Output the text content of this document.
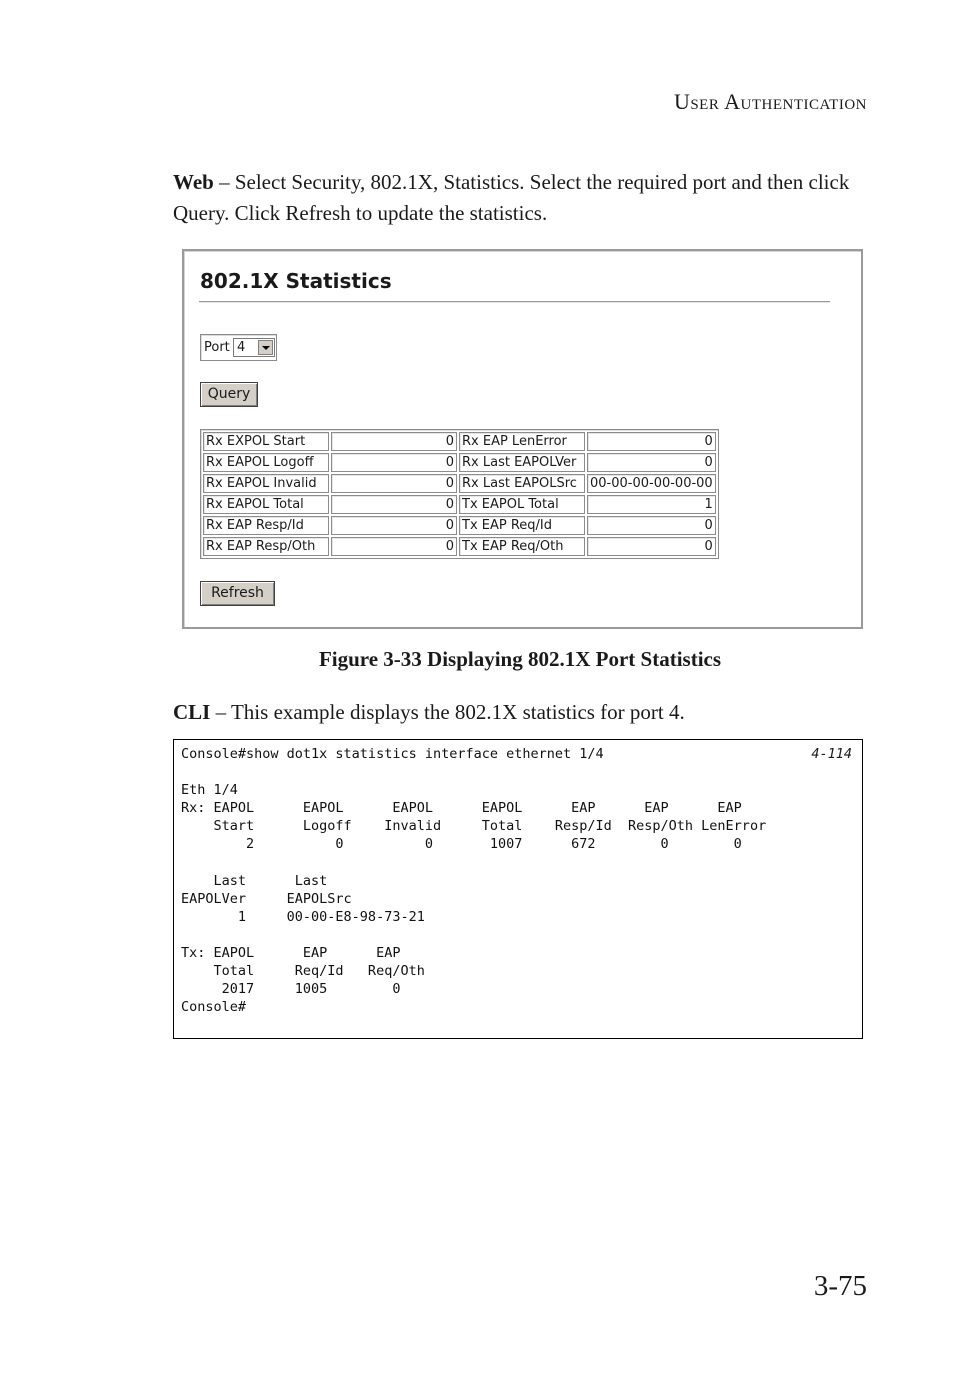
User Authentication
Web – Select Security, 802.1X, Statistics. Select the required port and then click Query. Click Refresh to update the statistics.
802.1X Statistics
Port 4
Query
Rx EXPOL Start	0	Rx EAP LenError	0
Rx EAPOL Logoff	0	Rx Last EAPOLVer	0
Rx EAPOL Invalid	0	Rx Last EAPOLSrc	00-00-00-00-00-00
Rx EAPOL Total	0	Tx EAPOL Total	1
Rx EAP Resp/Id	0	Tx EAP Req/Id	0
Rx EAP Resp/Oth	0	Tx EAP Req/Oth	0
Refresh
Figure 3-33 Displaying 802.1X Port Statistics
CLI – This example displays the 802.1X statistics for port 4.
Console#show dot1x statistics interface ethernet 1/4

Eth 1/4
Rx: EAPOL      EAPOL      EAPOL      EAPOL      EAP      EAP      EAP
Start      Logoff    Invalid     Total    Resp/Id  Resp/Oth LenError
2          0          0       1007      672        0        0

Last      Last
EAPOLVer     EAPOLSrc
1     00-00-E8-98-73-21

Tx: EAPOL      EAP      EAP
Total     Req/Id   Req/Oth
2017     1005        0
Console#

4-114
3-75
